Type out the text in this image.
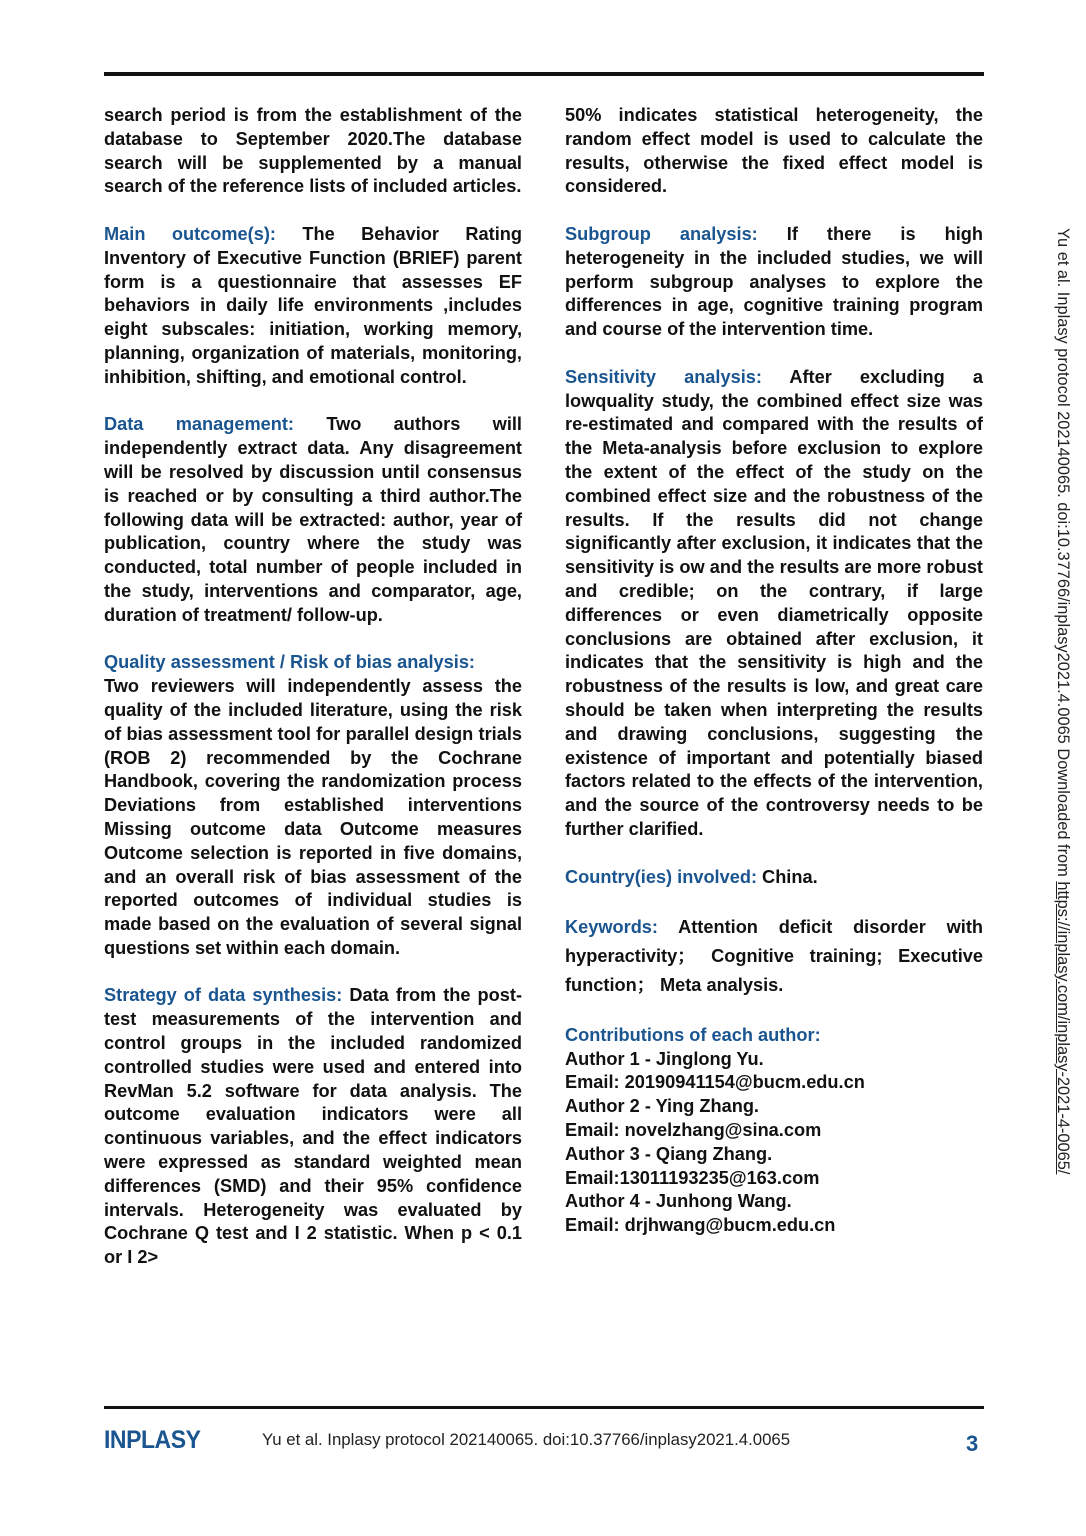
search period is from the establishment of the database to September 2020.The database search will be supplemented by a manual search of the reference lists of included articles.

Main outcome(s): The Behavior Rating Inventory of Executive Function (BRIEF) parent form is a questionnaire that assesses EF behaviors in daily life environments ,includes eight subscales: initiation, working memory, planning, organization of materials, monitoring, inhibition, shifting, and emotional control.

Data management: Two authors will independently extract data. Any disagreement will be resolved by discussion until consensus is reached or by consulting a third author.The following data will be extracted: author, year of publication, country where the study was conducted, total number of people included in the study, interventions and comparator, age, duration of treatment/ follow-up.

Quality assessment / Risk of bias analysis:
Two reviewers will independently assess the quality of the included literature, using the risk of bias assessment tool for parallel design trials (ROB 2) recommended by the Cochrane Handbook, covering the randomization process Deviations from established interventions Missing outcome data Outcome measures Outcome selection is reported in five domains, and an overall risk of bias assessment of the reported outcomes of individual studies is made based on the evaluation of several signal questions set within each domain.

Strategy of data synthesis: Data from the post-test measurements of the intervention and control groups in the included randomized controlled studies were used and entered into RevMan 5.2 software for data analysis. The outcome evaluation indicators were all continuous variables, and the effect indicators were expressed as standard weighted mean differences (SMD) and their 95% confidence intervals. Heterogeneity was evaluated by Cochrane Q test and I 2 statistic. When p < 0.1 or I 2>

50% indicates statistical heterogeneity, the random effect model is used to calculate the results, otherwise the fixed effect model is considered.

Subgroup analysis: If there is high heterogeneity in the included studies, we will perform subgroup analyses to explore the differences in age, cognitive training program and course of the intervention time.

Sensitivity analysis: After excluding a lowquality study, the combined effect size was re-estimated and compared with the results of the Meta-analysis before exclusion to explore the extent of the effect of the study on the combined effect size and the robustness of the results. If the results did not change significantly after exclusion, it indicates that the sensitivity is ow and the results are more robust and credible; on the contrary, if large differences or even diametrically opposite conclusions are obtained after exclusion, it indicates that the sensitivity is high and the robustness of the results is low, and great care should be taken when interpreting the results and drawing conclusions, suggesting the existence of important and potentially biased factors related to the effects of the intervention, and the source of the controversy needs to be further clarified.

Country(ies) involved: China.

Keywords: Attention deficit disorder with hyperactivity； Cognitive training; Executive function； Meta analysis.

Contributions of each author:
Author 1 - Jinglong Yu.
Email: 20190941154@bucm.edu.cn
Author 2 - Ying Zhang.
Email: novelzhang@sina.com
Author 3 - Qiang Zhang.
Email:13011193235@163.com
Author 4 - Junhong Wang.
Email: drjhwang@bucm.edu.cn
Yu et al. Inplasy protocol 202140065. doi:10.37766/inplasy2021.4.0065 Downloaded from https://inplasy.com/inplasy-2021-4-0065/
INPLASY	Yu et al. Inplasy protocol 202140065. doi:10.37766/inplasy2021.4.0065	3
